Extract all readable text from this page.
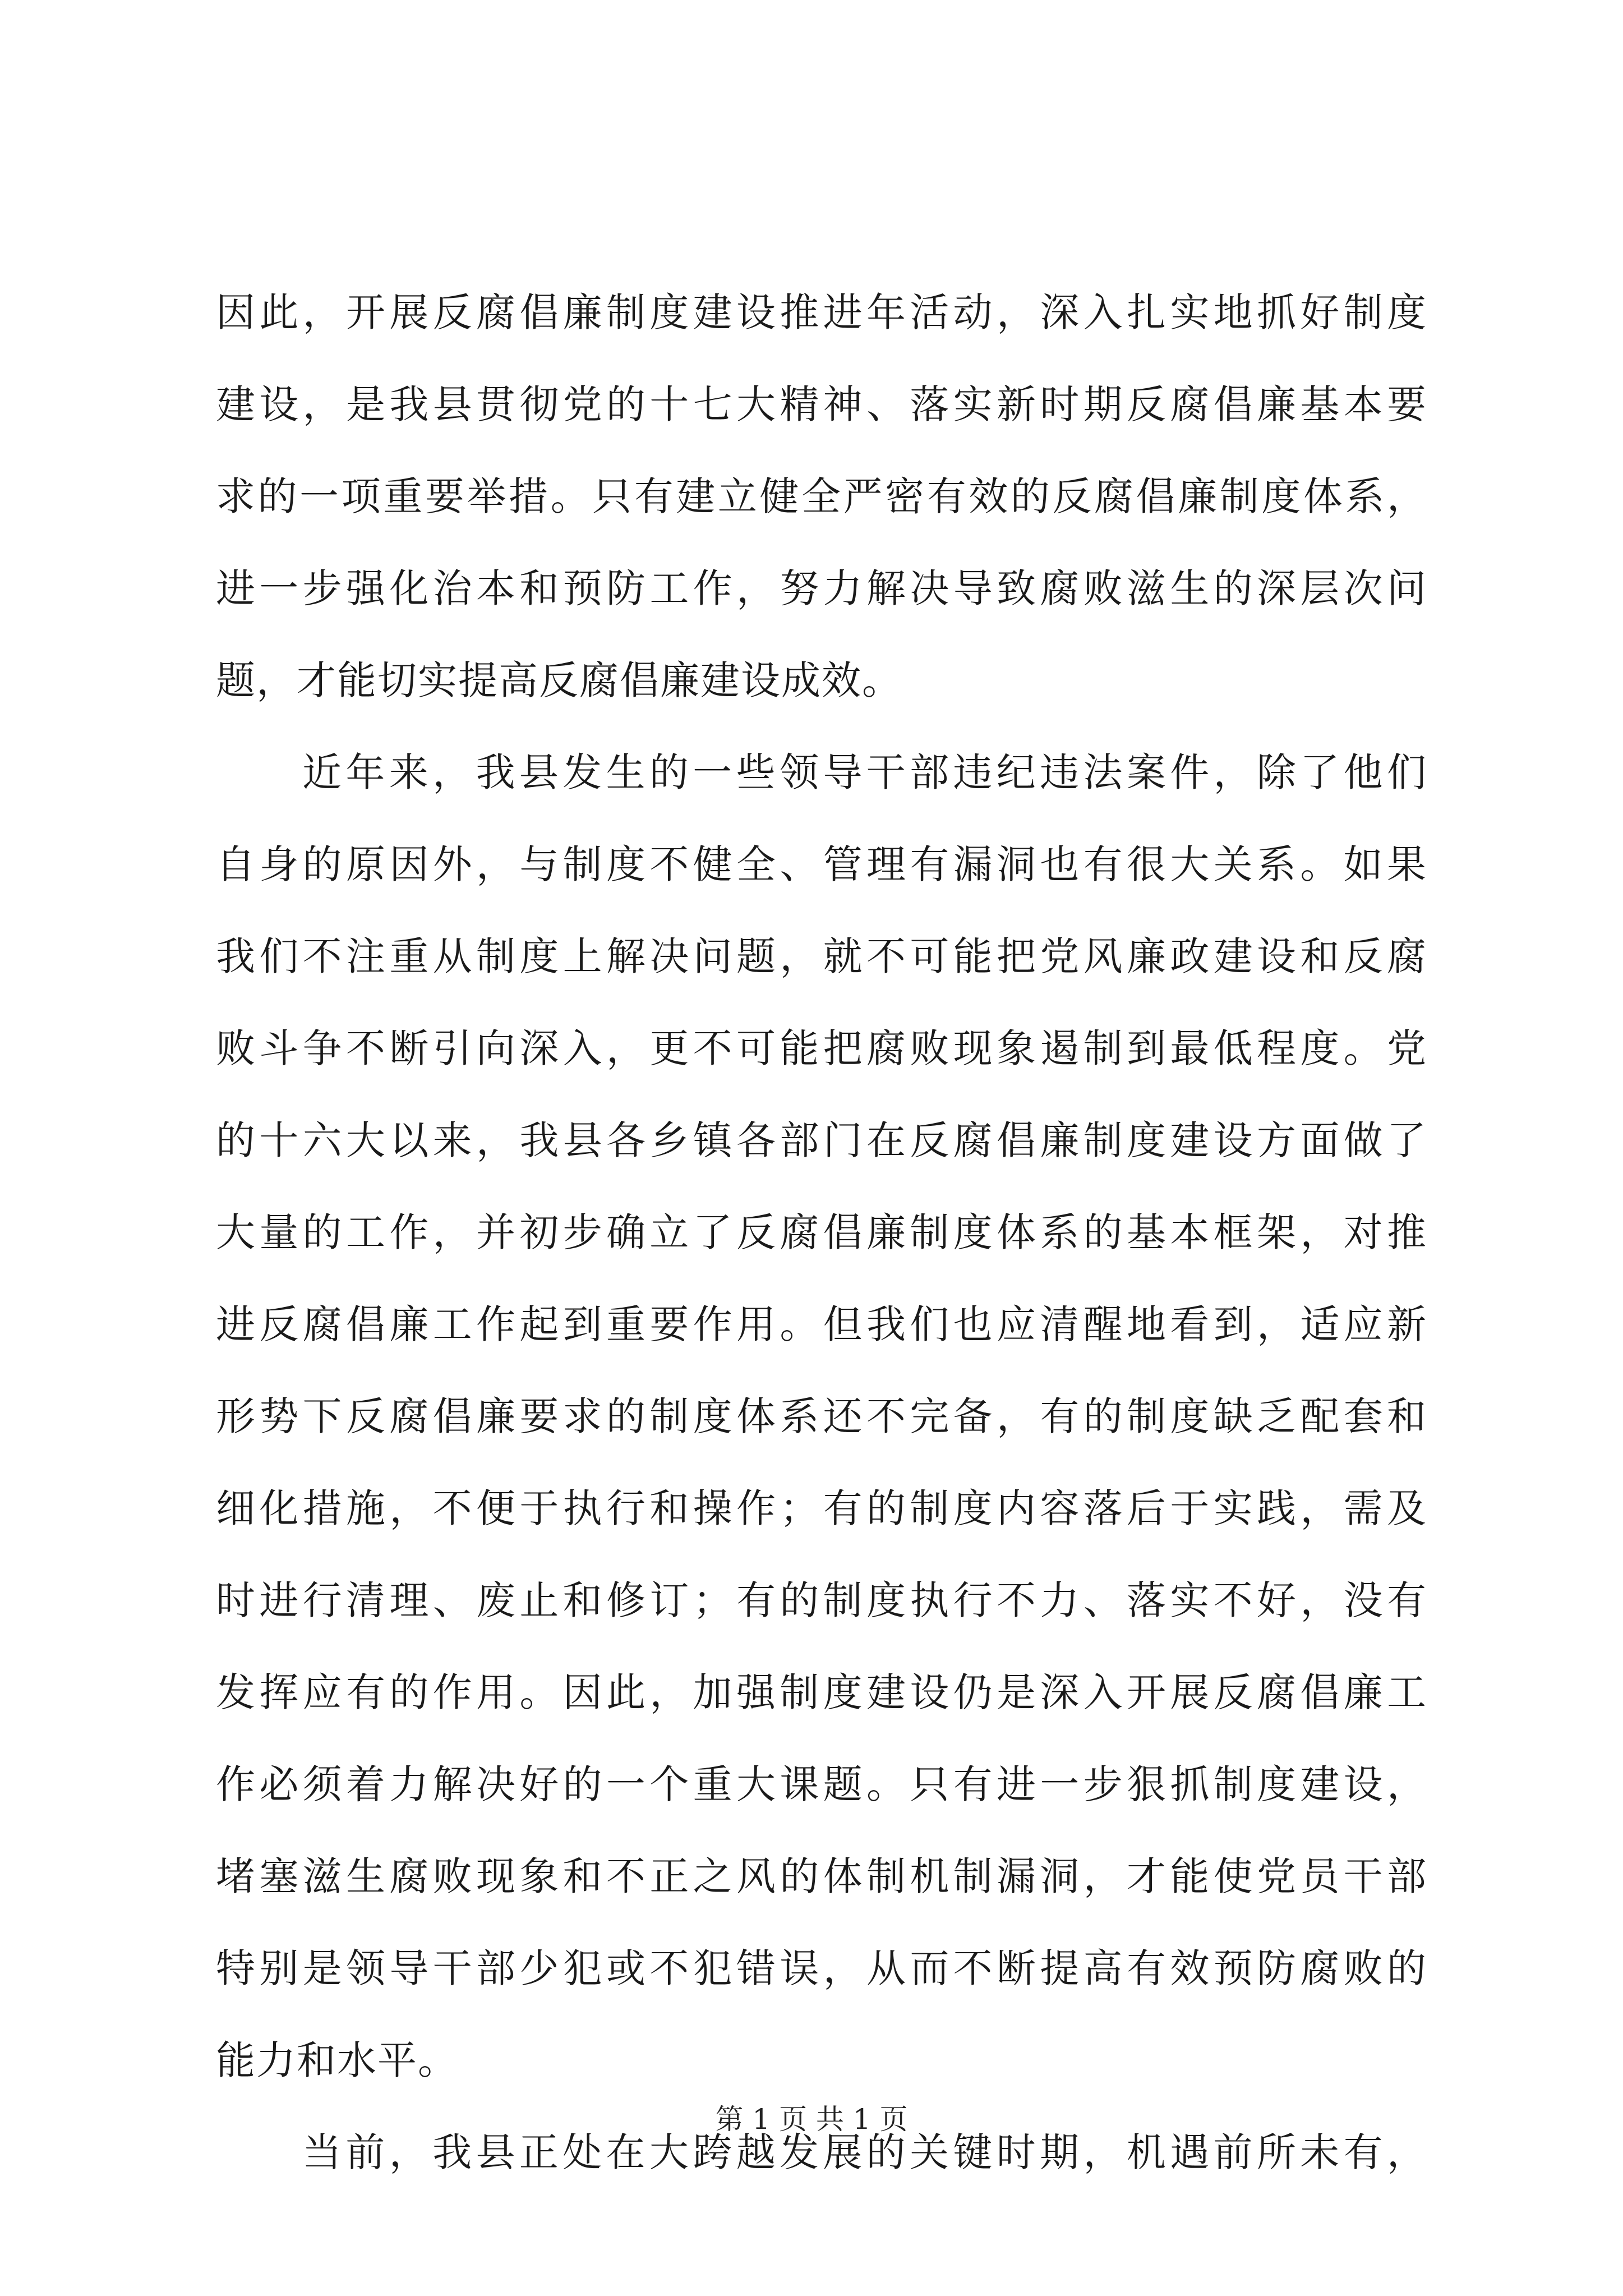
因此，开展反腐倡廉制度建设推进年活动，深入扎实地抓好制度
建设，是我县贯彻党的十七大精神、落实新时期反腐倡廉基本要
求的一项重要举措。只有建立健全严密有效的反腐倡廉制度体系，
进一步强化治本和预防工作，努力解决导致腐败滋生的深层次问
题，才能切实提高反腐倡廉建设成效。
近年来，我县发生的一些领导干部违纪违法案件，除了他们
自身的原因外，与制度不健全、管理有漏洞也有很大关系。如果
我们不注重从制度上解决问题，就不可能把党风廉政建设和反腐
败斗争不断引向深入，更不可能把腐败现象遏制到最低程度。党
的十六大以来，我县各乡镇各部门在反腐倡廉制度建设方面做了
大量的工作，并初步确立了反腐倡廉制度体系的基本框架，对推
进反腐倡廉工作起到重要作用。但我们也应清醒地看到，适应新
形势下反腐倡廉要求的制度体系还不完备，有的制度缺乏配套和
细化措施，不便于执行和操作；有的制度内容落后于实践，需及
时进行清理、废止和修订；有的制度执行不力、落实不好，没有
发挥应有的作用。因此，加强制度建设仍是深入开展反腐倡廉工
作必须着力解决好的一个重大课题。只有进一步狠抓制度建设，
堵塞滋生腐败现象和不正之风的体制机制漏洞，才能使党员干部
特别是领导干部少犯或不犯错误，从而不断提高有效预防腐败的
能力和水平。
当前，我县正处在大跨越发展的关键时期，机遇前所未有，
第 1 页 共 1 页
